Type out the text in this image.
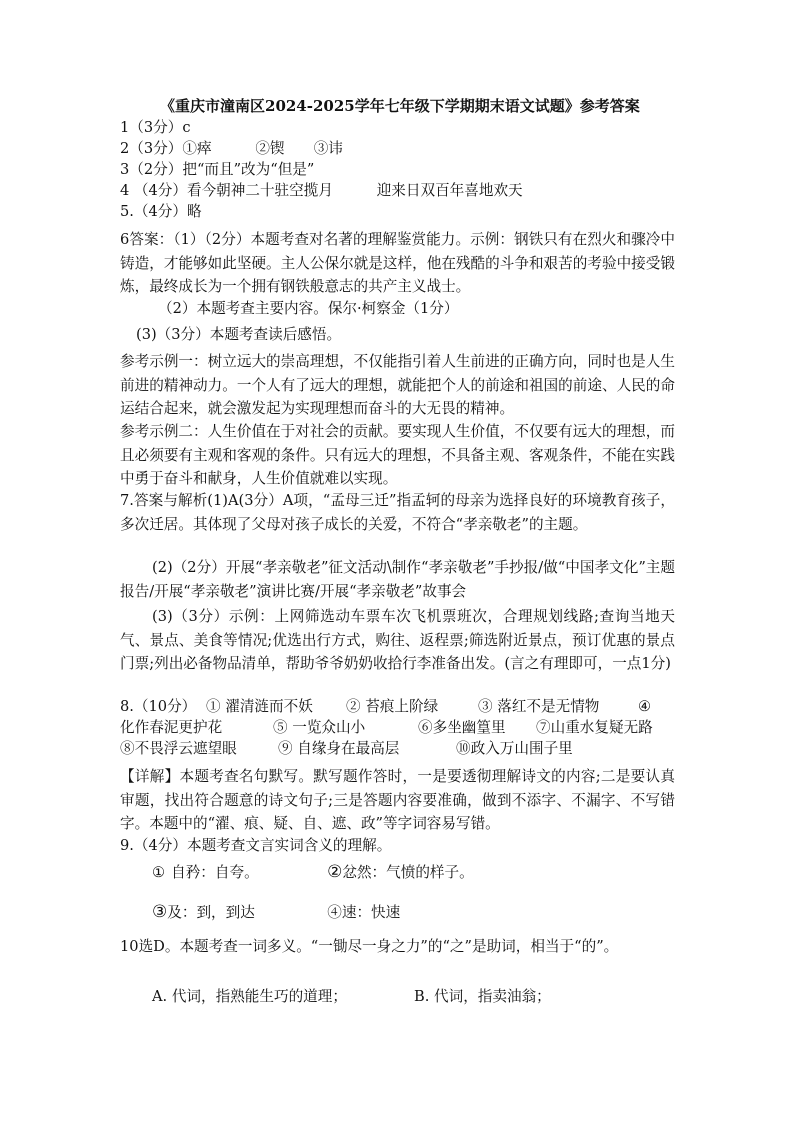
《重庆市潼南区2024-2025学年七年级下学期期末语文试题》参考答案
1（3分）c
2（3分）①瘁　　　②锲　　③讳
3（2分）把“而且”改为“但是”
4 （4分）看今朝神二十驻空揽月　　　迎来日双百年喜地欢天
5.（4分）略
6答案：（1）（2分）本题考查对名著的理解鉴赏能力。示例：钢铁只有在烈火和骤冷中铸造，才能够如此坚硬。主人公保尔就是这样，他在残酷的斗争和艰苦的考验中接受锻炼，最终成长为一个拥有钢铁般意志的共产主义战士。
（2）本题考查主要内容。保尔·柯察金（1分）
(3)（3分）本题考查读后感悟。
参考示例一：树立远大的崇高理想，不仅能指引着人生前进的正确方向，同时也是人生前进的精神动力。一个人有了远大的理想，就能把个人的前途和祖国的前途、人民的命运结合起来，就会激发起为实现理想而奋斗的大无畏的精神。
参考示例二：人生价值在于对社会的贡献。要实现人生价值，不仅要有远大的理想，而且必须要有主观和客观的条件。只有远大的理想，不具备主观、客观条件，不能在实践中勇于奋斗和献身，人生价值就难以实现。
7.答案与解析(1)A(3分）A项，“孟母三迁”指孟轲的母亲为选择良好的环境教育孩子，多次迁居。其体现了父母对孩子成长的关爱，不符合“孝亲敬老”的主题。
(2)（2分）开展“孝亲敬老”征文活动\制作“孝亲敬老”手抄报/做“中国孝文化”主题报告/开展“孝亲敬老”演讲比赛/开展“孝亲敬老”故事会
(3)（3分）示例：上网筛选动车票车次飞机票班次，合理规划线路;查询当地天气、景点、美食等情况;优选出行方式，购往、返程票;筛选附近景点，预订优惠的景点门票;列出必备物品清单，帮助爷爷奶奶收拾行李准备出发。(言之有理即可，一点1分)
8.（10分） ① 濯清涟而不妖 ② 苔痕上阶绿	③ 落红不是无情物	④
化作春泥更护花	⑤ 一览众山小	⑥多坐幽篁里 ⑦山重水复疑无路
⑧不畏浮云遮望眼	⑨ 自缘身在最高层	⑩政入万山围子里
【详解】本题考查名句默写。默写题作答时，一是要透彻理解诗文的内容;二是要认真审题，找出符合题意的诗文句子;三是答题内容要准确，做到不添字、不漏字、不写错字。本题中的“濯、痕、疑、自、遮、政”等字词容易写错。
9.（4分）本题考查文言实词含义的理解。
① 自矜：自夸。	②忿然：气愤的样子。
③及：到，到达	④速：快速
10选D。本题考查一词多义。“一锄尽一身之力”的“之”是助词，相当于“的”。
A. 代词，指熟能生巧的道理；	B. 代词，指卖油翁；
